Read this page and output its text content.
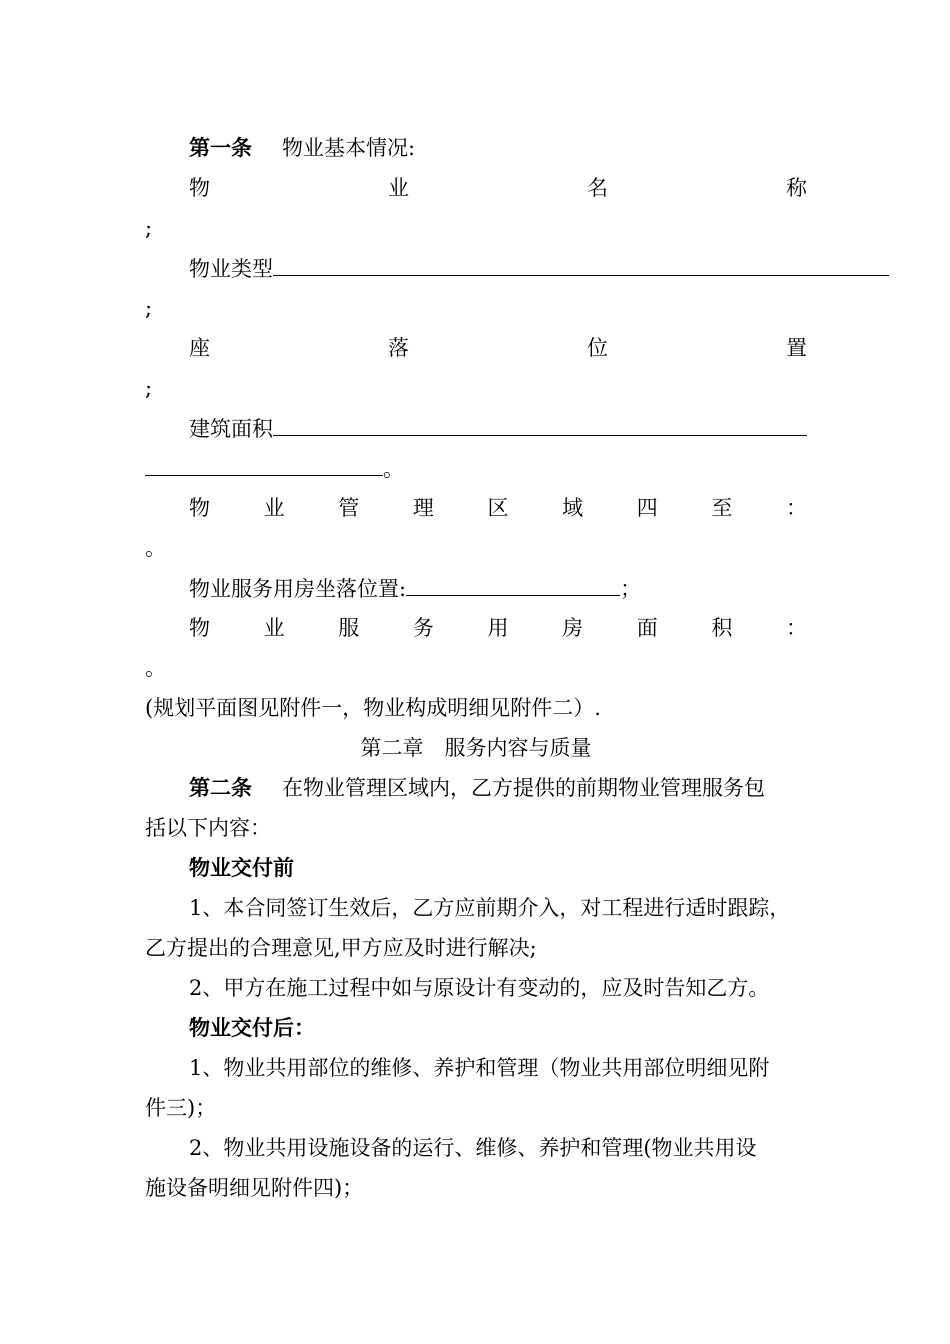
第一条 物业基本情况:
物	业	名	称
;
物业类型
;
座	落	位	置
;
建筑面积
。
物	业	管	理	区	域	四	至	：
。
物业服务用房坐落位置:	；
物	业	服	务	用	房	面	积	：
。
(规划平面图见附件一，物业构成明细见附件二）.
第二章　服务内容与质量
第二条 在物业管理区域内，乙方提供的前期物业管理服务包
括以下内容：
物业交付前
1、本合同签订生效后，乙方应前期介入，对工程进行适时跟踪，
乙方提出的合理意见,甲方应及时进行解决;
2、甲方在施工过程中如与原设计有变动的，应及时告知乙方。
物业交付后：
1、物业共用部位的维修、养护和管理（物业共用部位明细见附
件三)；
2、物业共用设施设备的运行、维修、养护和管理(物业共用设
施设备明细见附件四)；
